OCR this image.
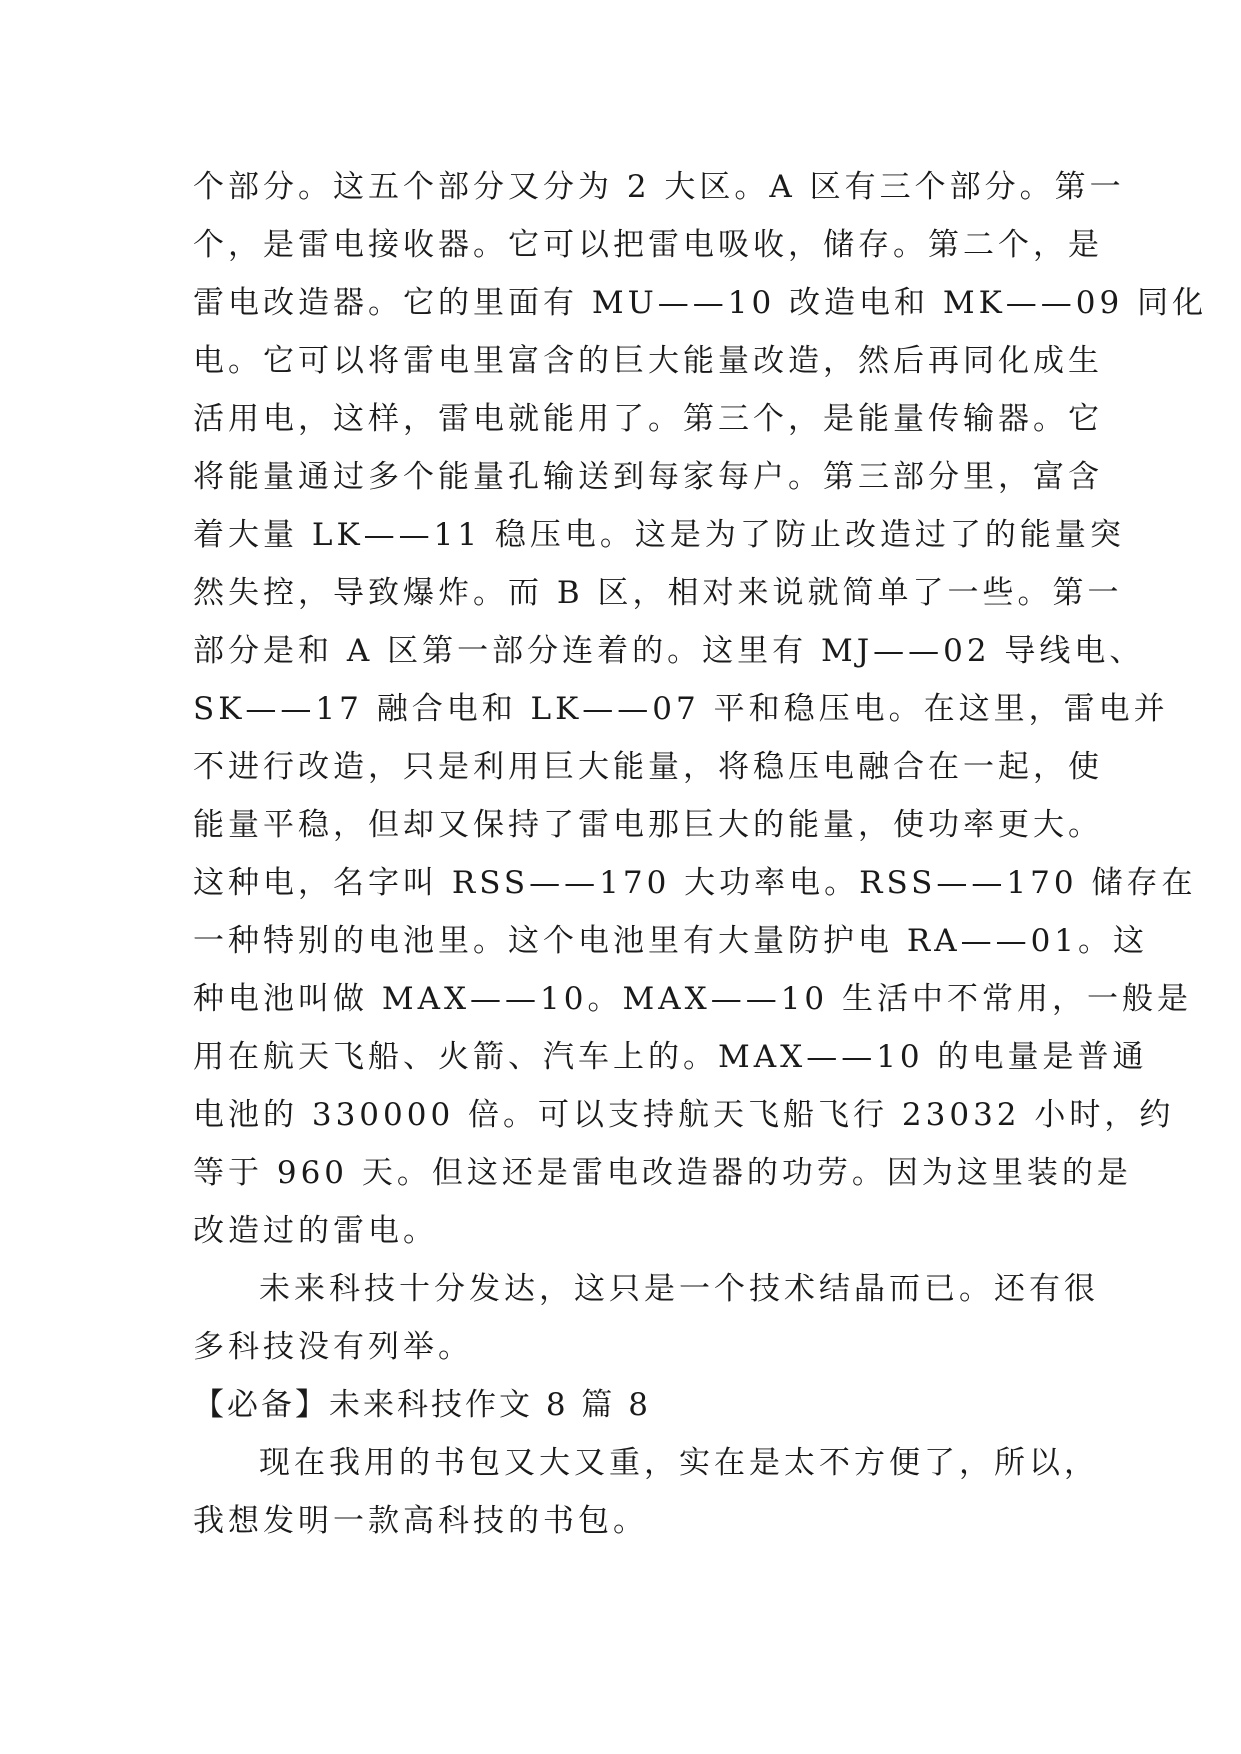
个部分。这五个部分又分为 2 大区。A 区有三个部分。第一
个，是雷电接收器。它可以把雷电吸收，储存。第二个，是
雷电改造器。它的里面有 MU——10 改造电和 MK——09 同化
电。它可以将雷电里富含的巨大能量改造，然后再同化成生
活用电，这样，雷电就能用了。第三个，是能量传输器。它
将能量通过多个能量孔输送到每家每户。第三部分里，富含
着大量 LK——11 稳压电。这是为了防止改造过了的能量突
然失控，导致爆炸。而 B 区，相对来说就简单了一些。第一
部分是和 A 区第一部分连着的。这里有 MJ——02 导线电、
SK——17 融合电和 LK——07 平和稳压电。在这里，雷电并
不进行改造，只是利用巨大能量，将稳压电融合在一起，使
能量平稳，但却又保持了雷电那巨大的能量，使功率更大。
这种电，名字叫 RSS——170 大功率电。RSS——170 储存在
一种特别的电池里。这个电池里有大量防护电 RA——01。这
种电池叫做 MAX——10。MAX——10 生活中不常用，一般是
用在航天飞船、火箭、汽车上的。MAX——10 的电量是普通
电池的 330000 倍。可以支持航天飞船飞行 23032 小时，约
等于 960 天。但这还是雷电改造器的功劳。因为这里装的是
改造过的雷电。
未来科技十分发达，这只是一个技术结晶而已。还有很
多科技没有列举。
【必备】未来科技作文 8 篇 8
现在我用的书包又大又重，实在是太不方便了，所以，
我想发明一款高科技的书包。
